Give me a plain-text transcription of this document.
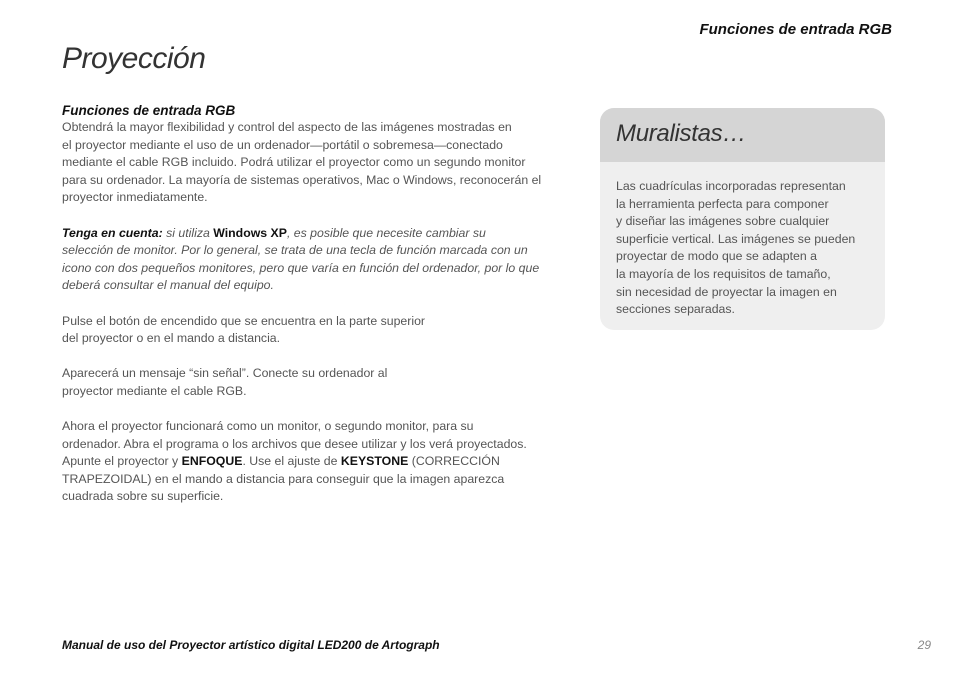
Funciones de entrada RGB
Proyección
Funciones de entrada RGB

Obtendrá la mayor flexibilidad y control del aspecto de las imágenes mostradas en
el proyector mediante el uso de un ordenador—portátil o sobremesa—conectado
mediante el cable RGB incluido. Podrá utilizar el proyector como un segundo monitor
para su ordenador. La mayoría de sistemas operativos, Mac o Windows, reconocerán el
proyector inmediatamente.

Tenga en cuenta: si utiliza Windows XP, es posible que necesite cambiar su
selección de monitor. Por lo general, se trata de una tecla de función marcada con un
icono con dos pequeños monitores, pero que varía en función del ordenador, por lo que
deberá consultar el manual del equipo.

Pulse el botón de encendido que se encuentra en la parte superior
del proyector o en el mando a distancia.

Aparecerá un mensaje “sin señal”. Conecte su ordenador al
proyector mediante el cable RGB.

Ahora el proyector funcionará como un monitor, o segundo monitor, para su
ordenador. Abra el programa o los archivos que desee utilizar y los verá proyectados.
Apunte el proyector y ENFOQUE. Use el ajuste de KEYSTONE (CORRECCIÓN
TRAPEZOIDAL) en el mando a distancia para conseguir que la imagen aparezca
cuadrada sobre su superficie.

Muralistas…
Las cuadrículas incorporadas representan
la herramienta perfecta para componer
y diseñar las imágenes sobre cualquier
superficie vertical. Las imágenes se pueden
proyectar de modo que se adapten a
la mayoría de los requisitos de tamaño,
sin necesidad de proyectar la imagen en
secciones separadas.
Manual de uso del Proyector artístico digital LED200 de Artograph	29
